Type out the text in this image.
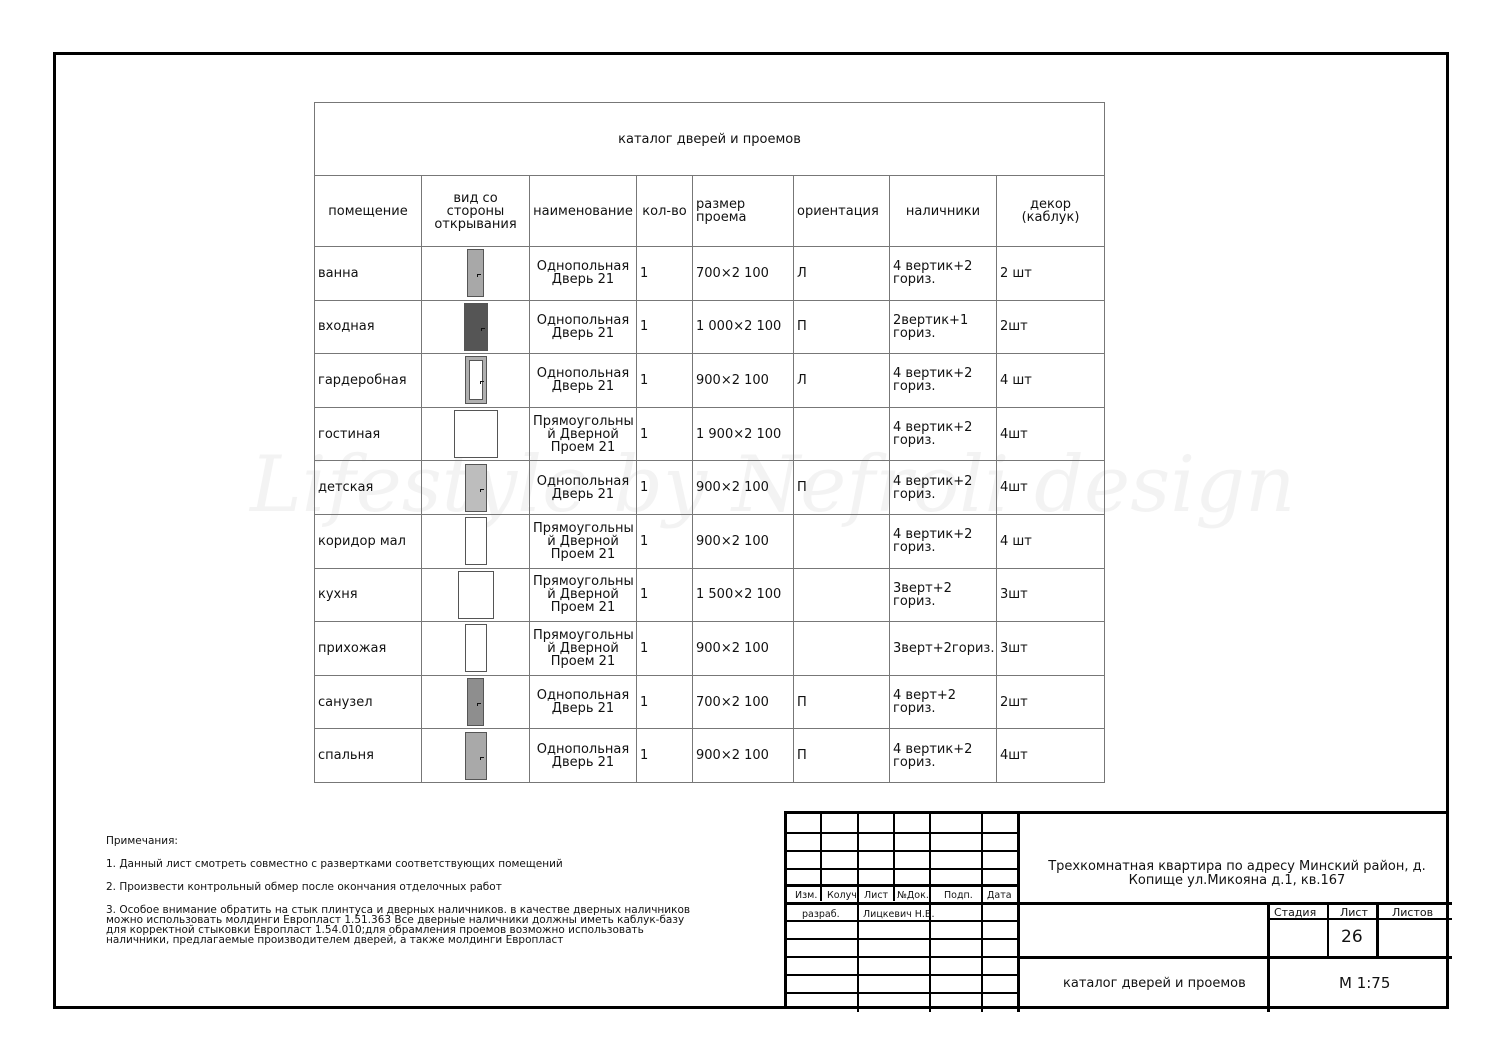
каталог дверей и проемов							
помещение	вид со стороны открывания	наименование	кол-во	размер проема	ориентация	наличники	декор (каблук)
ванна		Однопольная Дверь 21	1	700×2 100	Л	4 вертик+2 гориз.	2 шт
входная		Однопольная Дверь 21	1	1 000×2 100	П	2вертик+1 гориз.	2шт
гардеробная		Однопольная Дверь 21	1	900×2 100	Л	4 вертик+2 гориз.	4 шт
гостиная		Прямоугольны й Дверной Проем 21	1	1 900×2 100		4 вертик+2 гориз.	4шт
детская		Однопольная Дверь 21	1	900×2 100	П	4 вертик+2 гориз.	4шт
коридор мал		Прямоугольны й Дверной Проем 21	1	900×2 100		4 вертик+2 гориз.	4 шт
кухня		Прямоугольны й Дверной Проем 21	1	1 500×2 100		3верт+2 гориз.	3шт
прихожая		Прямоугольны й Дверной Проем 21	1	900×2 100		3верт+2гориз.	3шт
санузел		Однопольная Дверь 21	1	700×2 100	П	4 верт+2 гориз.	2шт
спальня		Однопольная Дверь 21	1	900×2 100	П	4 вертик+2 гориз.	4шт

Примечания:

1. Данный лист смотреть совместно с развертками соответствующих помещений

2. Произвести контрольный обмер после окончания отделочных работ

3. Особое внимание обратить на стык плинтуса и дверных наличников. в качестве дверных наличников можно использовать молдинги Европласт 1.51.363 Все дверные наличники должны иметь каблук-базу для корректной стыковки Европласт 1.54.010;для обрамления проемов возможно использовать наличники, предлагаемые производителем дверей, а также молдинги Европласт

Изм. Колуч. Лист №Док. Подп. Дата
разраб. Лицкевич Н.В.
Трехкомнатная квартира по адресу Минский район, д. Копище ул.Микояна д.1, кв.167
Стадия Лист Листов
26
каталог дверей и проемов	М 1:75
